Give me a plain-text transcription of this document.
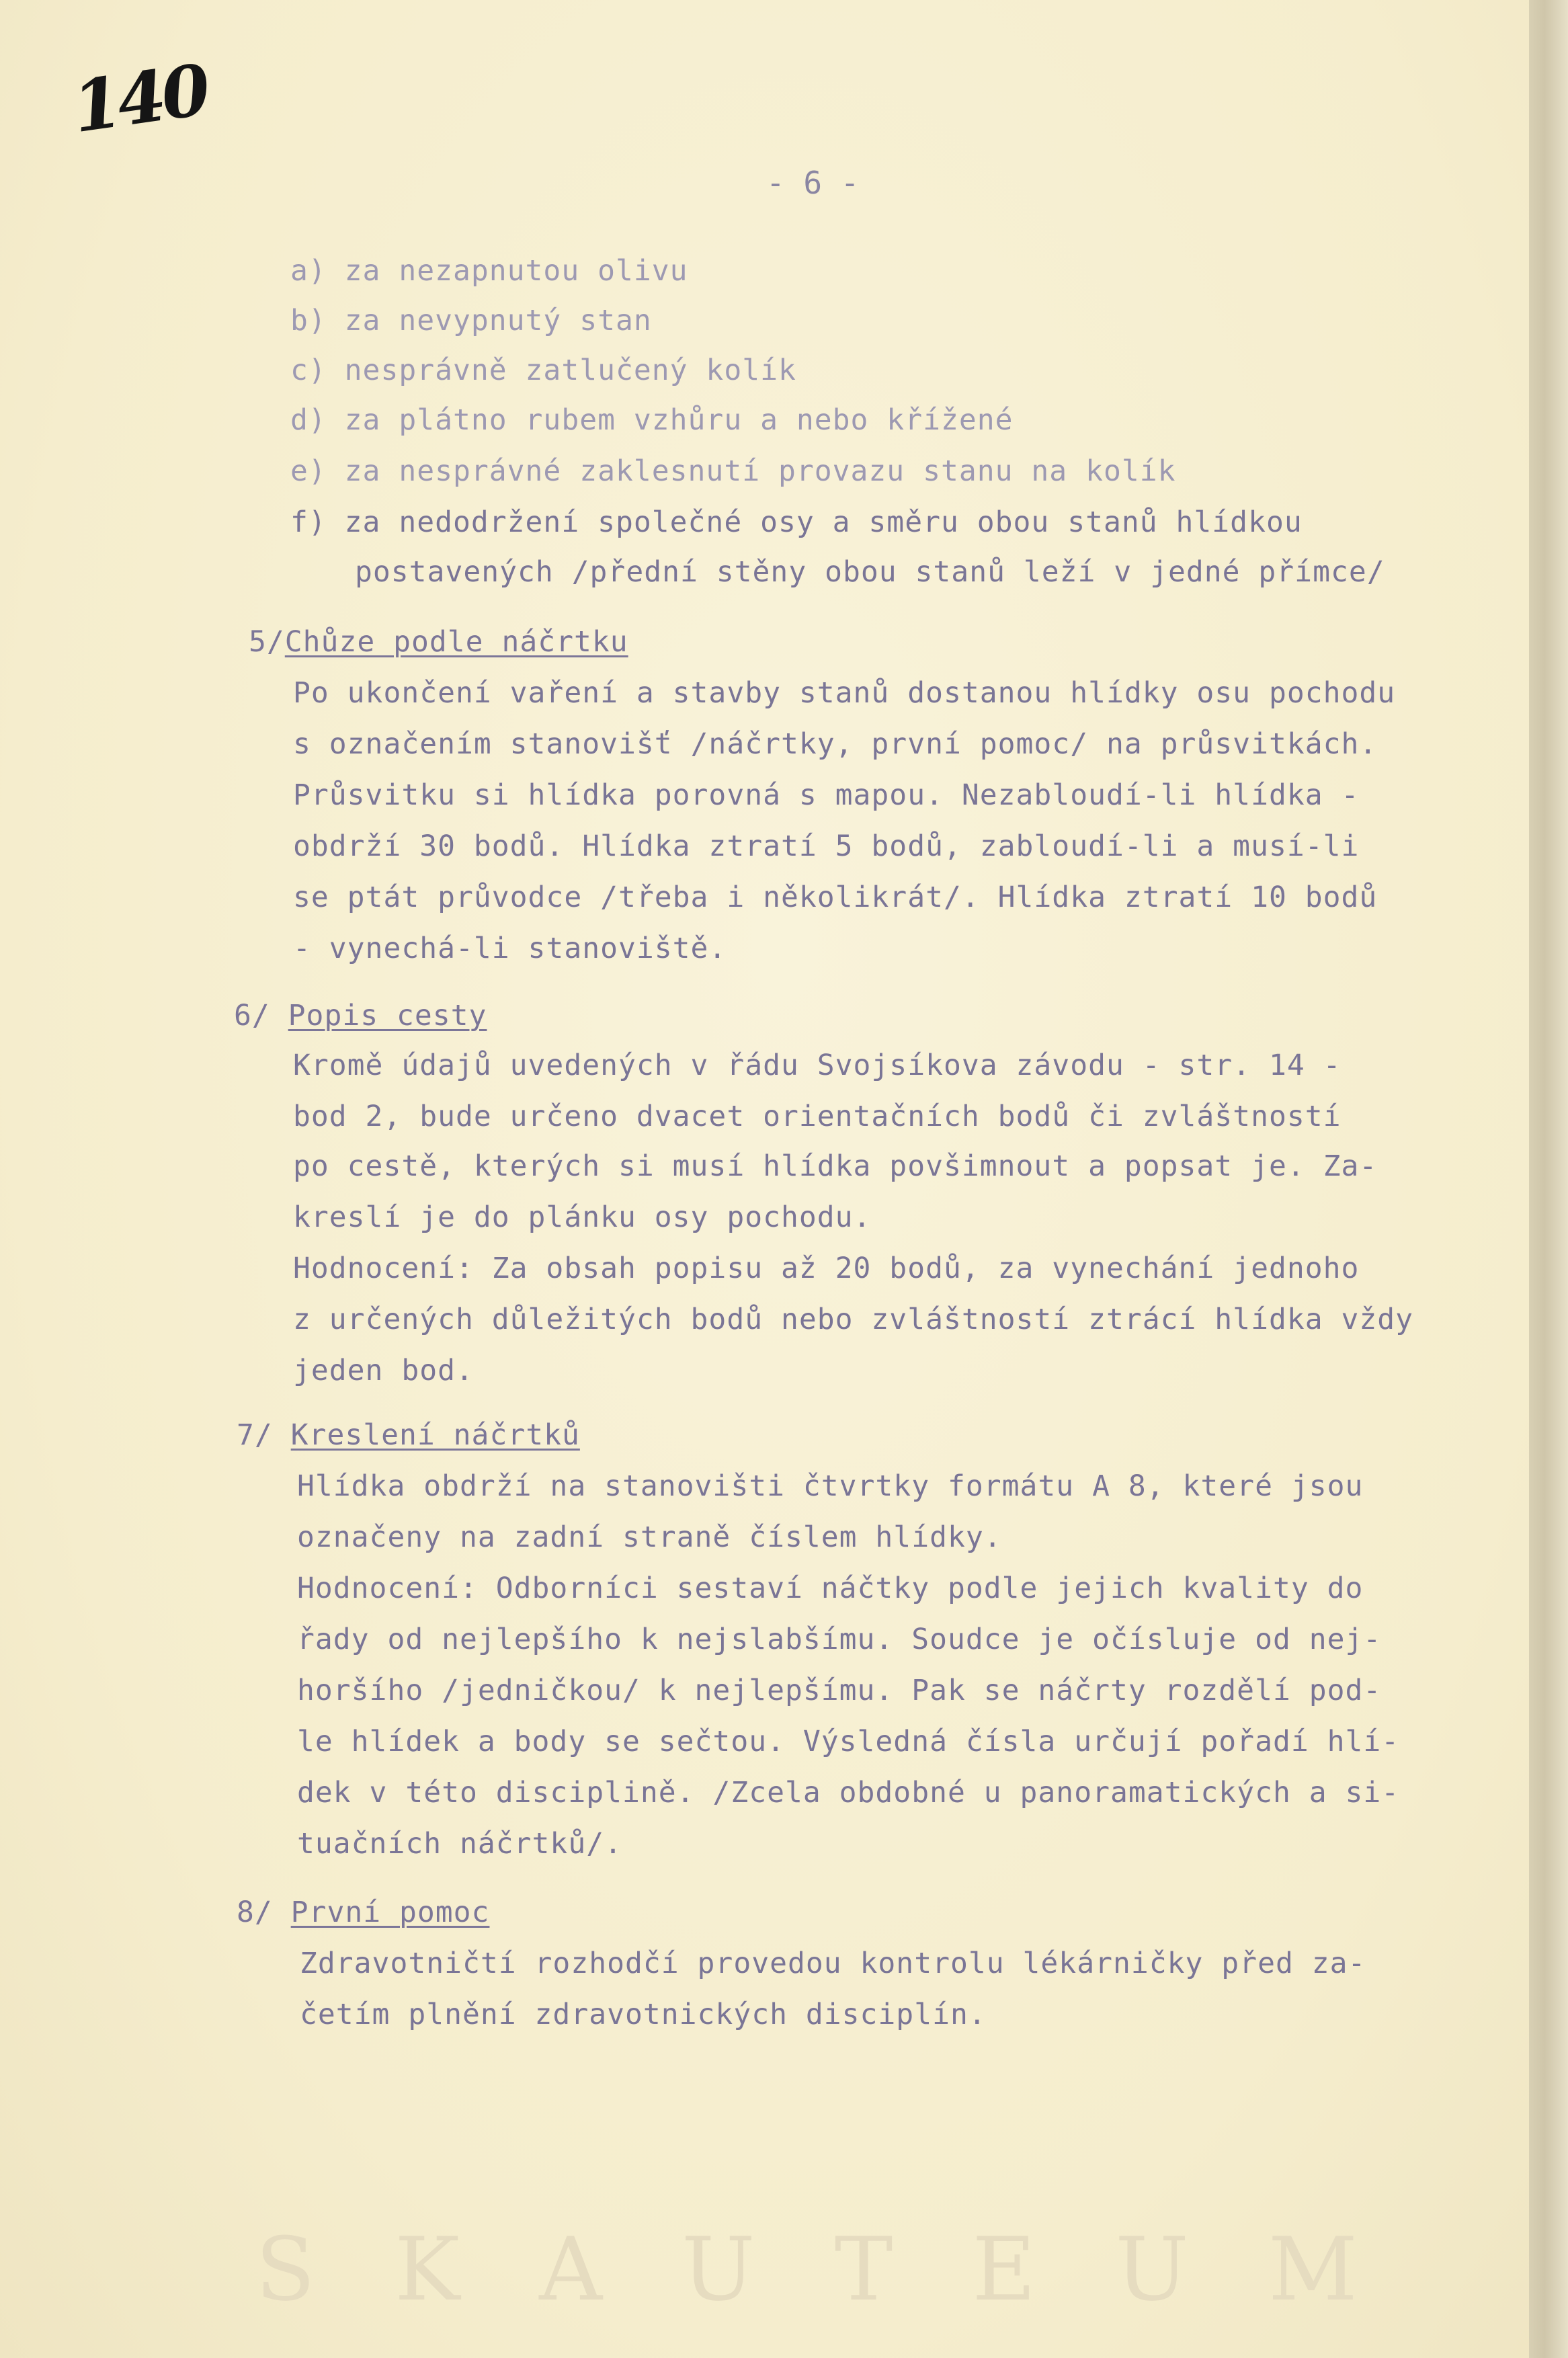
140
- 6 -
a) za nezapnutou olivu
b) za nevypnutý stan
c) nesprávně zatlučený kolík
d) za plátno rubem vzhůru a nebo křížené
e) za nesprávné zaklesnutí provazu stanu na kolík
f) za nedodržení společné osy a směru obou stanů hlídkou
postavených /přední stěny obou stanů leží v jedné přímce/
5/Chůze podle náčrtku
Po ukončení vaření a stavby stanů dostanou hlídky osu pochodu
s označením stanovišť /náčrtky, první pomoc/ na průsvitkách.
Průsvitku si hlídka porovná s mapou. Nezabloudí-li hlídka -
obdrží 30 bodů. Hlídka ztratí 5 bodů, zabloudí-li a musí-li
se ptát průvodce /třeba i několikrát/. Hlídka ztratí 10 bodů
- vynechá-li stanoviště.
6/ Popis cesty
Kromě údajů uvedených v řádu Svojsíkova závodu - str. 14 -
bod 2, bude určeno dvacet orientačních bodů či zvláštností
po cestě, kterých si musí hlídka povšimnout a popsat je. Za-
kreslí je do plánku osy pochodu.
Hodnocení: Za obsah popisu až 20 bodů, za vynechání jednoho
z určených důležitých bodů nebo zvláštností ztrácí hlídka vždy
jeden bod.
7/ Kreslení náčrtků
Hlídka obdrží na stanovišti čtvrtky formátu A 8, které jsou
označeny na zadní straně číslem hlídky.
Hodnocení: Odborníci sestaví náčtky podle jejich kvality do
řady od nejlepšího k nejslabšímu. Soudce je očísluje od nej-
horšího /jedničkou/ k nejlepšímu. Pak se náčrty rozdělí pod-
le hlídek a body se sečtou. Výsledná čísla určují pořadí hlí-
dek v této disciplině. /Zcela obdobné u panoramatických a si-
tuačních náčrtků/.
8/ První pomoc
Zdravotničtí rozhodčí provedou kontrolu lékárničky před za-
četím plnění zdravotnických disciplín.
S K A U T E U M
